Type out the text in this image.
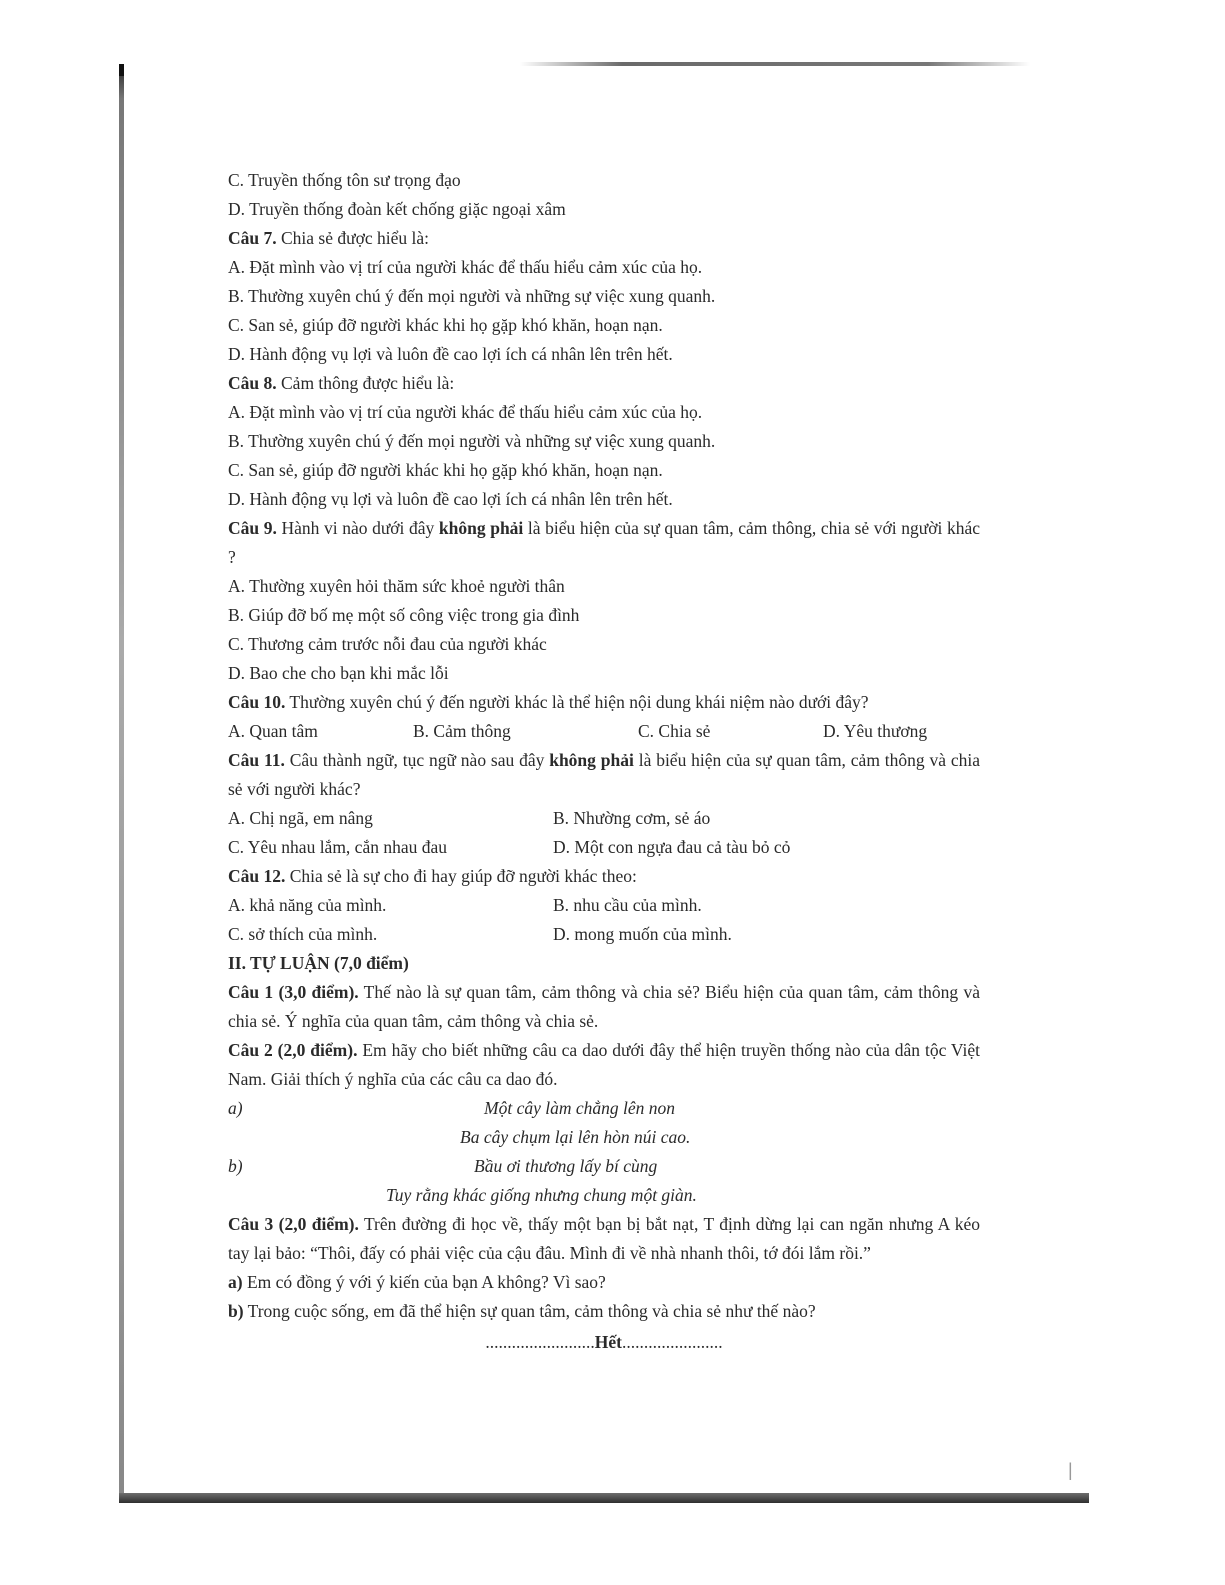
|
C. Truyền thống tôn sư trọng đạo
D. Truyền thống đoàn kết chống giặc ngoại xâm
Câu 7. Chia sẻ được hiểu là:
A. Đặt mình vào vị trí của người khác để thấu hiểu cảm xúc của họ.
B. Thường xuyên chú ý đến mọi người và những sự việc xung quanh.
C. San sẻ, giúp đỡ người khác khi họ gặp khó khăn, hoạn nạn.
D. Hành động vụ lợi và luôn đề cao lợi ích cá nhân lên trên hết.
Câu 8. Cảm thông được hiểu là:
A. Đặt mình vào vị trí của người khác để thấu hiểu cảm xúc của họ.
B. Thường xuyên chú ý đến mọi người và những sự việc xung quanh.
C. San sẻ, giúp đỡ người khác khi họ gặp khó khăn, hoạn nạn.
D. Hành động vụ lợi và luôn đề cao lợi ích cá nhân lên trên hết.
Câu 9. Hành vi nào dưới đây không phải là biểu hiện của sự quan tâm, cảm thông, chia sẻ với người khác ?
A. Thường xuyên hỏi thăm sức khoẻ người thân
B. Giúp đỡ bố mẹ một số công việc trong gia đình
C. Thương cảm trước nỗi đau của người khác
D. Bao che cho bạn khi mắc lỗi
Câu 10. Thường xuyên chú ý đến người khác là thể hiện nội dung khái niệm nào dưới đây?
A. Quan tâm	B. Cảm thông	C. Chia sẻ	D. Yêu thương
Câu 11. Câu thành ngữ, tục ngữ nào sau đây không phải là biểu hiện của sự quan tâm, cảm thông và chia sẻ với người khác?
A. Chị ngã, em nâng	B. Nhường cơm, sẻ áo
C. Yêu nhau lắm, cắn nhau đau	D. Một con ngựa đau cả tàu bỏ cỏ
Câu 12. Chia sẻ là sự cho đi hay giúp đỡ người khác theo:
A. khả năng của mình.	B. nhu cầu của mình.
C. sở thích của mình.	D. mong muốn của mình.
II. TỰ LUẬN (7,0 điểm)
Câu 1 (3,0 điểm). Thế nào là sự quan tâm, cảm thông và chia sẻ? Biểu hiện của quan tâm, cảm thông và chia sẻ. Ý nghĩa của quan tâm, cảm thông và chia sẻ.
Câu 2 (2,0 điểm). Em hãy cho biết những câu ca dao dưới đây thể hiện truyền thống nào của dân tộc Việt Nam. Giải thích ý nghĩa của các câu ca dao đó.
a)	Một cây làm chẳng lên non
Ba cây chụm lại lên hòn núi cao.
b)	Bầu ơi thương lấy bí cùng
Tuy rằng khác giống nhưng chung một giàn.
Câu 3 (2,0 điểm). Trên đường đi học về, thấy một bạn bị bắt nạt, T định dừng lại can ngăn nhưng A kéo tay lại bảo: “Thôi, đấy có phải việc của cậu đâu. Mình đi về nhà nhanh thôi, tớ đói lắm rồi.”
a) Em có đồng ý với ý kiến của bạn A không? Vì sao?
b) Trong cuộc sống, em đã thể hiện sự quan tâm, cảm thông và chia sẻ như thế nào?
.........................Hết.......................
